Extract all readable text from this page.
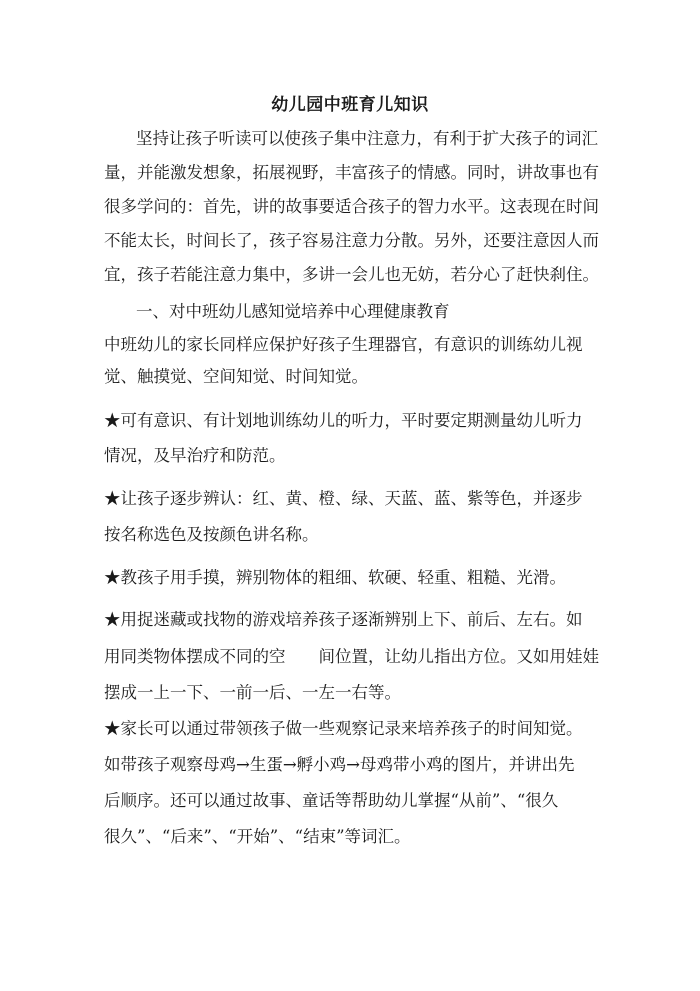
幼儿园中班育儿知识
坚持让孩子听读可以使孩子集中注意力，有利于扩大孩子的词汇
量，并能激发想象，拓展视野，丰富孩子的情感。同时，讲故事也有
很多学问的：首先，讲的故事要适合孩子的智力水平。这表现在时间
不能太长，时间长了，孩子容易注意力分散。另外，还要注意因人而
宜，孩子若能注意力集中，多讲一会儿也无妨，若分心了赶快刹住。
一、对中班幼儿感知觉培养中心理健康教育
中班幼儿的家长同样应保护好孩子生理器官，有意识的训练幼儿视
觉、触摸觉、空间知觉、时间知觉。
★可有意识、有计划地训练幼儿的听力，平时要定期测量幼儿听力
情况，及早治疗和防范。
★让孩子逐步辨认：红、黄、橙、绿、天蓝、蓝、紫等色，并逐步
按名称选色及按颜色讲名称。
★教孩子用手摸，辨别物体的粗细、软硬、轻重、粗糙、光滑。
★用捉迷藏或找物的游戏培养孩子逐渐辨别上下、前后、左右。如
用同类物体摆成不同的空　　间位置，让幼儿指出方位。又如用娃娃
摆成一上一下、一前一后、一左一右等。
★家长可以通过带领孩子做一些观察记录来培养孩子的时间知觉。
如带孩子观察母鸡→生蛋→孵小鸡→母鸡带小鸡的图片，并讲出先
后顺序。还可以通过故事、童话等帮助幼儿掌握“从前”、“很久
很久”、“后来”、“开始”、“结束”等词汇。
